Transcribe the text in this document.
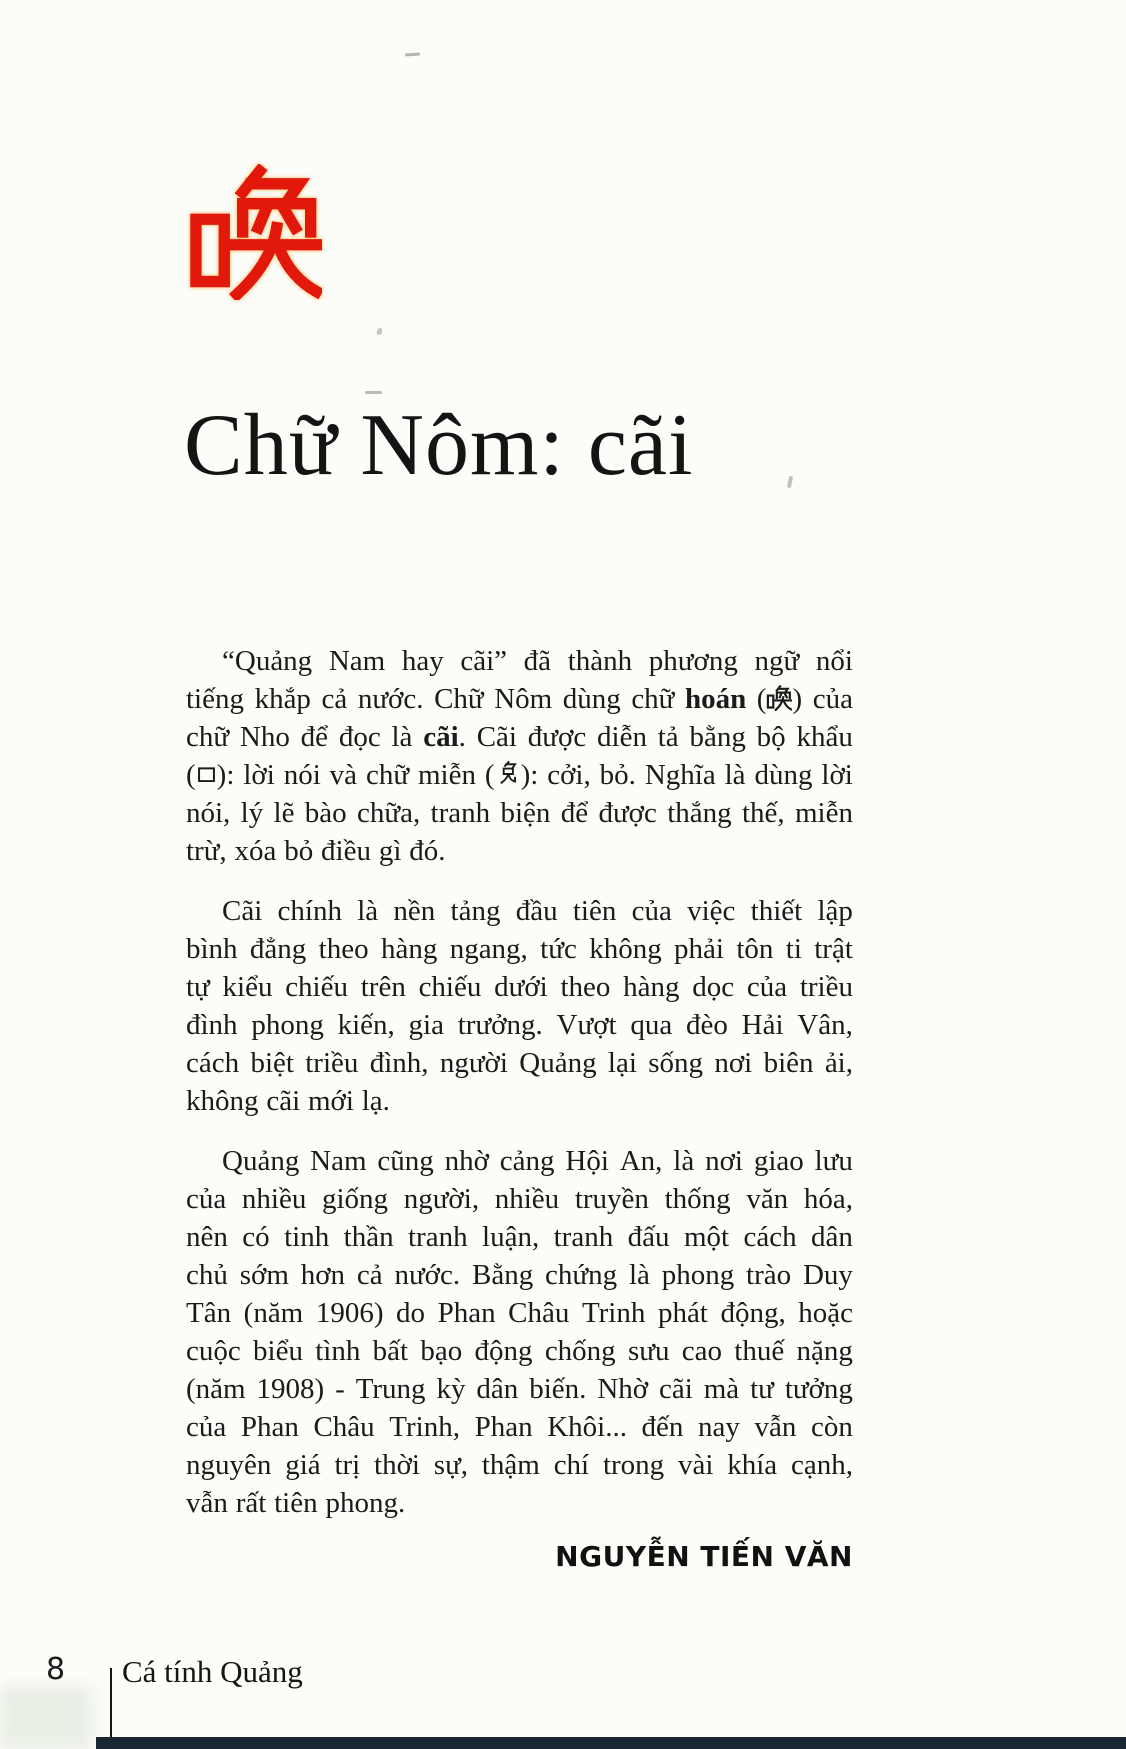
Chữ Nôm: cãi
“Quảng Nam hay cãi” đã thành phương ngữ nổi
tiếng khắp cả nước. Chữ Nôm dùng chữ hoán ( ) của
chữ Nho để đọc là cãi. Cãi được diễn tả bằng bộ khẩu
( ): lời nói và chữ miễn ( ): cởi, bỏ. Nghĩa là dùng lời
nói, lý lẽ bào chữa, tranh biện để được thắng thế, miễn
trừ, xóa bỏ điều gì đó.
Cãi chính là nền tảng đầu tiên của việc thiết lập
bình đẳng theo hàng ngang, tức không phải tôn ti trật
tự kiểu chiếu trên chiếu dưới theo hàng dọc của triều
đình phong kiến, gia trưởng. Vượt qua đèo Hải Vân,
cách biệt triều đình, người Quảng lại sống nơi biên ải,
không cãi mới lạ.
Quảng Nam cũng nhờ cảng Hội An, là nơi giao lưu
của nhiều giống người, nhiều truyền thống văn hóa,
nên có tinh thần tranh luận, tranh đấu một cách dân
chủ sớm hơn cả nước. Bằng chứng là phong trào Duy
Tân (năm 1906) do Phan Châu Trinh phát động, hoặc
cuộc biểu tình bất bạo động chống sưu cao thuế nặng
(năm 1908) - Trung kỳ dân biến. Nhờ cãi mà tư tưởng
của Phan Châu Trinh, Phan Khôi... đến nay vẫn còn
nguyên giá trị thời sự, thậm chí trong vài khía cạnh,
vẫn rất tiên phong.
NGUYỄN TIẾN VĂN
8 Cá tính Quảng
